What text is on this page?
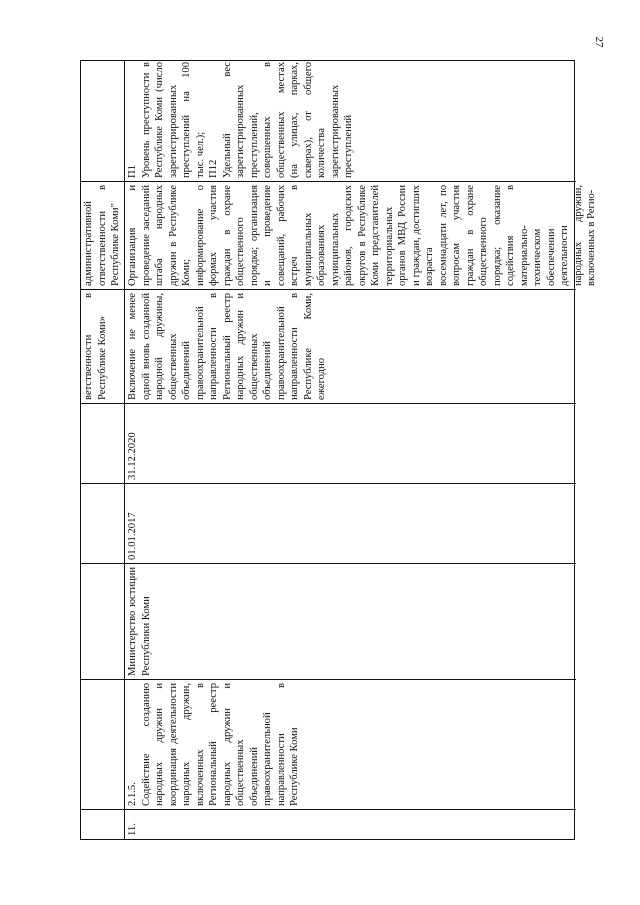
27
ветственности в Республике Коми»
административной ответственности в Республике Коми"
11.
2.1.5. Содействие созданию народных дружин и координация деятельности народных дружин, включенных в Региональный реестр народных дружин и общественных объединений правоохранительной направленности в Республике Коми
Министерство юстиции Республики Коми
01.01.2017
31.12.2020
Включение не менее одной вновь созданной народной дружины, общественных объединений правоохранительной направленности в Региональный реестр народных дружин и общественных объединений правоохранительной направленности в Республике Коми, ежегодно
Организация и проведение заседаний штаба народных дружин в Республике Коми; информирование о формах участия граждан в охране общественного порядка; организация и проведение совещаний, рабочих встреч в муниципальных образованиях муниципальных районов, городских округов в Республике Коми представителей территориальных органов МВД России и граждан, достигших возраста восемнадцати лет, по вопросам участия граждан в охране общественного порядка; оказание содействия в материально-техническом обеспечении деятельности народных дружин, включенных в Регио-
П1 Уровень преступности в Республике Коми (число зарегистрированных преступлений на 100 тыс. чел.); П12 Удельный вес зарегистрированных преступлений, совершенных в общественных местах (на улицах, парках, скверах), от общего количества зарегистрированных преступлений
